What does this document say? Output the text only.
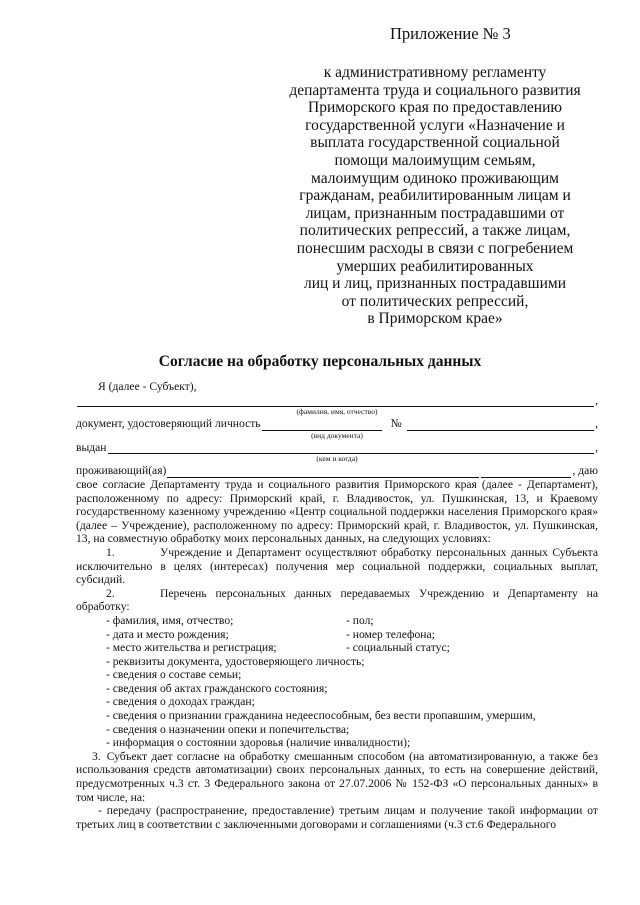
Приложение № 3
к административному регламенту
департамента труда и социального развития
Приморского края по предоставлению
государственной услуги «Назначение и
выплата государственной социальной
помощи малоимущим семьям,
малоимущим одиноко проживающим
гражданам, реабилитированным лицам и
лицам, признанным пострадавшими от
политических репрессий, а также лицам,
понесшим расходы в связи с погребением
умерших реабилитированных
лиц и лиц, признанных пострадавшими
от политических репрессий,
в Приморском крае»
Согласие на обработку персональных данных
Я (далее - Субъект),
,
(фамилия, имя, отчество)
документ, удостоверяющий личность	№	,
(вид документа)
выдан	,
(кем и когда)
проживающий(ая)	, даю
свое согласие Департаменту труда и социального развития Приморского края (далее - Департамент), расположенному по адресу: Приморский край, г. Владивосток, ул. Пушкинская, 13, и Краевому государственному казенному учреждению «Центр социальной поддержки населения Приморского края» (далее – Учреждение), расположенному по адресу: Приморский край, г. Владивосток, ул. Пушкинская, 13, на совместную обработку моих персональных данных, на следующих условиях:
1.	Учреждение и Департамент осуществляют обработку персональных данных Субъекта исключительно в целях (интересах) получения мер социальной поддержки, социальных выплат, субсидий.
2.	Перечень персональных данных передаваемых Учреждению и Департаменту на обработку:
- фамилия, имя, отчество;	- пол;
- дата и место рождения;	- номер телефона;
- место жительства и регистрация;	- социальный статус;
- реквизиты документа, удостоверяющего личность;
- сведения о составе семьи;
- сведения об актах гражданского состояния;
- сведения о доходах граждан;
- сведения о признании гражданина недееспособным, без вести пропавшим, умершим,
- сведения о назначении опеки и попечительства;
- информация о состоянии здоровья (наличие инвалидности);
3. Субъект дает согласие на обработку смешанным способом (на автоматизированную, а также без использования средств автоматизации) своих персональных данных, то есть на совершение действий, предусмотренных ч.3 ст. 3 Федерального закона от 27.07.2006 № 152-ФЗ «О персональных данных» в том числе, на:
- передачу (распространение, предоставление) третьим лицам и получение такой информации от третьих лиц в соответствии с заключенными договорами и соглашениями (ч.3 ст.6 Федерального
